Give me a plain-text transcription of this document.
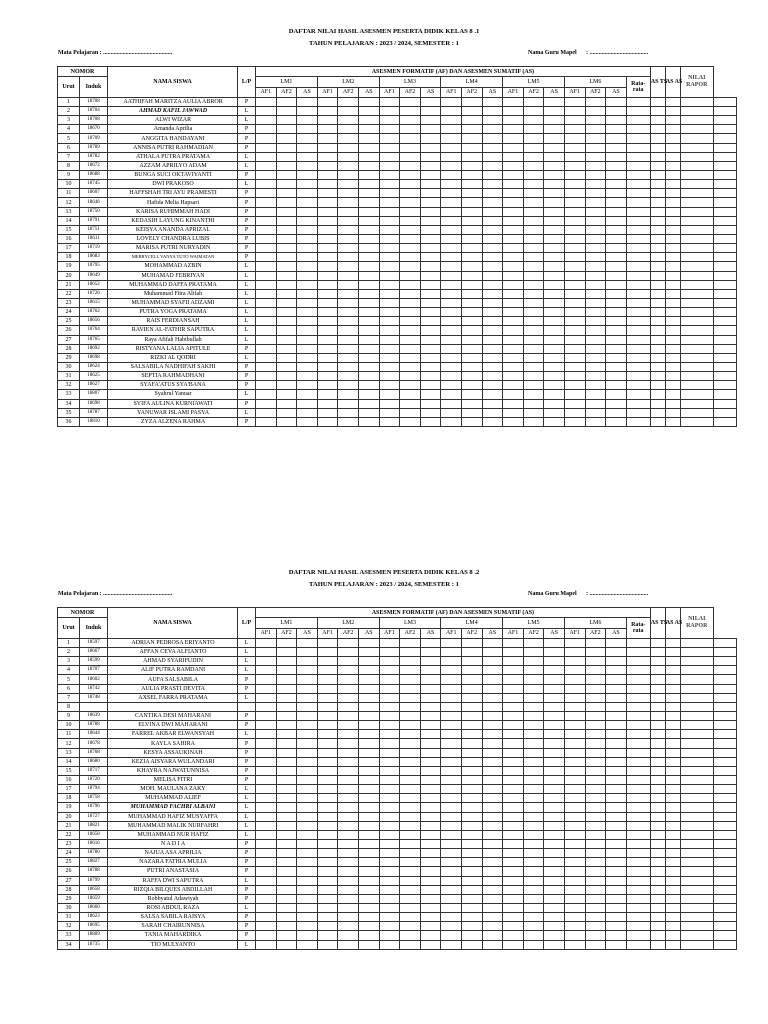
DAFTAR NILAI HASIL ASESMEN PESERTA DIDIK KELAS 8 .1
TAHUN PELAJARAN : 2023 / 2024, SEMESTER : 1
Mata Pelajaran : ..............................................	Nama Guru Mapel : .......................................
NOMOR		NAMA SISWA	L/P	ASESMEN FORMATIF (AF) DAN ASESMEN SUMATIF (AS)																			AS TS	AS AS	NILAI RAPOR	
Urut	Induk			LM1			LM2			LM3			LM4			LM5			LM6			Rata-rata				
				AF1	AF2	AS	AF1	AF2	AS	AF1	AF2	AS	AF1	AF2	AS	AF1	AF2	AS	AF1	AF2	AS					
1	18708	AATHIFAH MARITZA AULIA ABROR	P																							
2	18704	AHMAD KAFIL JAWWAD	L																							
3	18708	ALWI WIZAR	L																							
4	18670	Amanda Aprilia	P																							
5	18709	ANGGITA HANDAYANI	P																							
6	18789	ANNISA PUTRI RAHMADIAN	P																							
7	18782	ATHALA PUTRA PRATAMA	L																							
8	18672	AZZAM APRILYO ADAM	L																							
9	18688	BUNGA SUCI OKTAVIYANTI	P																							
10	18745	DWI PRAKOSO	L																							
11	18607	HAFFSHAH TRI AYU PRAMESTI	P																							
12	18646	Hafida Melia Hapsari	P																							
13	18750	KARISA RUHIMMAH HADI	P																							
14	18791	KEDASIH LAYUNG KINANTHI	P																							
15	18751	KEISYA ANANDA APRIZAL	P																							
16	18611	LOVELY CHANDRA LUBIS	P																							
17	18719	MARISA PUTRI NURYADIN	P																							
18	18683	MERRYCELL VANYA TUTO WAIMATAN	P																							
19	18795	MOHAMMAD AZBIN	L																							
20	18649	MUHAMAD FEBRIYAN	L																							
21	18652	MUHAMMAD DAFFA PRATAMA	L																							
22	18726	Muhammad Fitra Alifah	L																							
23	18615	MUHAMMAD SYAFII ADZAMI	L																							
24	18762	PUTRA YOGA PRATAMA	L																							
25	18656	RAIS FERDIANSAH	L																							
26	18764	RAVIEN AL-FATHIR SAPUTRA	L																							
27	18765	Raya Afifah Habibullah	L																							
28	18692	RISTYANA LALIA APITULE	P																							
29	18698	RIZKI AL QODRI	L																							
30	18624	SALSABILA NADHIFAH SAKHI	P																							
31	18625	SEPTIA RAHMADHANI	P																							
32	18627	SYAFA'ATUS SYA'BANA	P																							
33	18807	Syahrul Yanuar	L																							
34	18698	SYIFA AULINA KURNIAWATI	P																							
35	18787	YANUWAR ISLAMI PASYA	L																							
36	18810	ZYZA ALZENA RAHMA	P																							
DAFTAR NILAI HASIL ASESMEN PESERTA DIDIK KELAS 8 .2
TAHUN PELAJARAN : 2023 / 2024, SEMESTER : 1
Mata Pelajaran : ..............................................	Nama Guru Mapel : .......................................
NOMOR		NAMA SISWA	L/P	ASESMEN FORMATIF (AF) DAN ASESMEN SUMATIF (AS)																			AS TS	AS AS	NILAI RAPOR	
Urut	Induk			LM1			LM2			LM3			LM4			LM5			LM6			Rata-rata				
				AF1	AF2	AS	AF1	AF2	AS	AF1	AF2	AS	AF1	AF2	AS	AF1	AF2	AS	AF1	AF2	AS					
1	18597	ADRIAN PEDROSA ERIYANTO	L																							
2	18667	AFFAN CEVA ALFIANTO	L																							
3	18599	AHMAD SYARIFUDIN	L																							
4	18707	ALIF PUTRA RAMDANI	L																							
5	18602	AUFA SALSABILA	P																							
6	18742	AULIA PRASTI DEVITA	P																							
7	18748	AXSEL FARRA PRATAMA	L																							
8																										
9	18639	CANTIKA DESI MAHARANI	P																							
10	18788	ELVINA DWI MAHARANI	P																							
11	18644	FARREL AKBAR ELWANSYAH	L																							
12	18678	KAYLA SAHIRA	P																							
13	18768	KESYA ASSAUKINAH	P																							
14	18680	KEZIA AISYARA WULANDARI	P																							
15	18717	KHAYRA NAJWATUNNISA	P																							
16	18720	MELISA FITRI	P																							
17	18794	MOH. MAULANA ZAKY	L																							
18	18758	MUHAMMAD ALIEF	L																							
19	18796	MUHAMMAD FACHRI ALBANI	L																							
20	18727	MUHAMMAD HAFIZ MUSYAFFA	L																							
21	18821	MUHAMMAD MALIK NURFAHRI	L																							
22	18658	MUHAMMAD NUR HAFIZ	L																							
23	18616	N A D I A	P																							
24	18780	NAJUA ASA APRILIA	P																							
25	18827	NAZARA FATHIA MULIA	P																							
26	18788	PUTRI ANASTASIA	P																							
27	18799	RAFFA DWI SAPUTRA	L																							
28	18658	RIZQIA BILQUES ABDILLAH	P																							
29	18659	Robbyatul Adawiyah	P																							
30	18660	ROSI ABDUL RAZA	L																							
31	18623	SALSA SABILA RAISYA	P																							
32	18695	SARAH CHAIRUNNISA	P																							
33	18809	TANIA MAHARDIKA	P																							
34	18735	TIO MULYANTO	L																							
